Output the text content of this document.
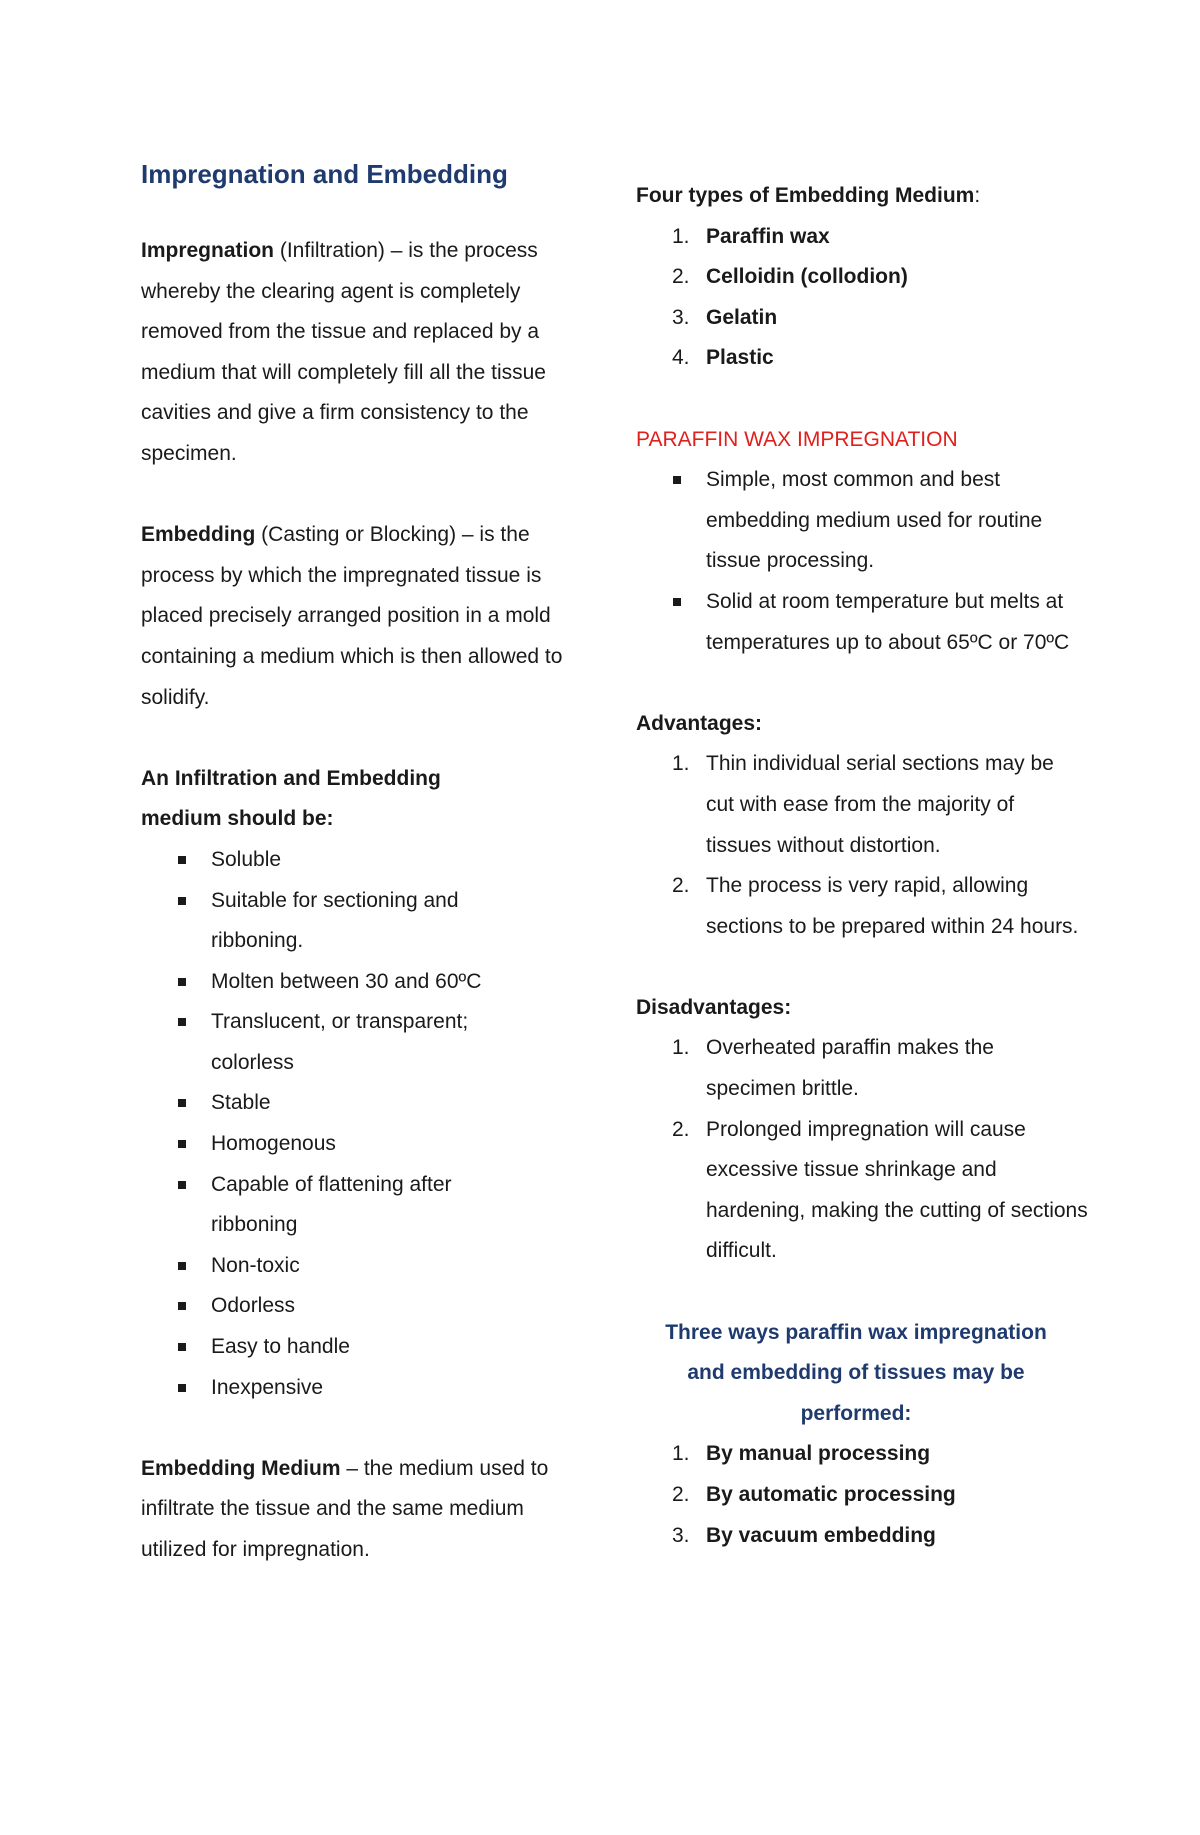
Impregnation and Embedding

Impregnation (Infiltration) – is the process whereby the clearing agent is completely removed from the tissue and replaced by a medium that will completely fill all the tissue cavities and give a firm consistency to the specimen.

Embedding (Casting or Blocking) – is the process by which the impregnated tissue is placed precisely arranged position in a mold containing a medium which is then allowed to solidify.

An Infiltration and Embedding medium should be:

Soluble
Suitable for sectioning and ribboning.
Molten between 30 and 60ºC
Translucent, or transparent; colorless
Stable
Homogenous
Capable of flattening after ribboning
Non-toxic
Odorless
Easy to handle
Inexpensive

Embedding Medium – the medium used to infiltrate the tissue and the same medium utilized for impregnation.

Four types of Embedding Medium:

1. Paraffin wax
2. Celloidin (collodion)
3. Gelatin
4. Plastic

PARAFFIN WAX IMPREGNATION

Simple, most common and best embedding medium used for routine tissue processing.
Solid at room temperature but melts at temperatures up to about 65ºC or 70ºC

Advantages:

1. Thin individual serial sections may be cut with ease from the majority of tissues without distortion.
2. The process is very rapid, allowing sections to be prepared within 24 hours.

Disadvantages:

1. Overheated paraffin makes the specimen brittle.
2. Prolonged impregnation will cause excessive tissue shrinkage and hardening, making the cutting of sections difficult.

Three ways paraffin wax impregnation and embedding of tissues may be performed:

1. By manual processing
2. By automatic processing
3. By vacuum embedding
